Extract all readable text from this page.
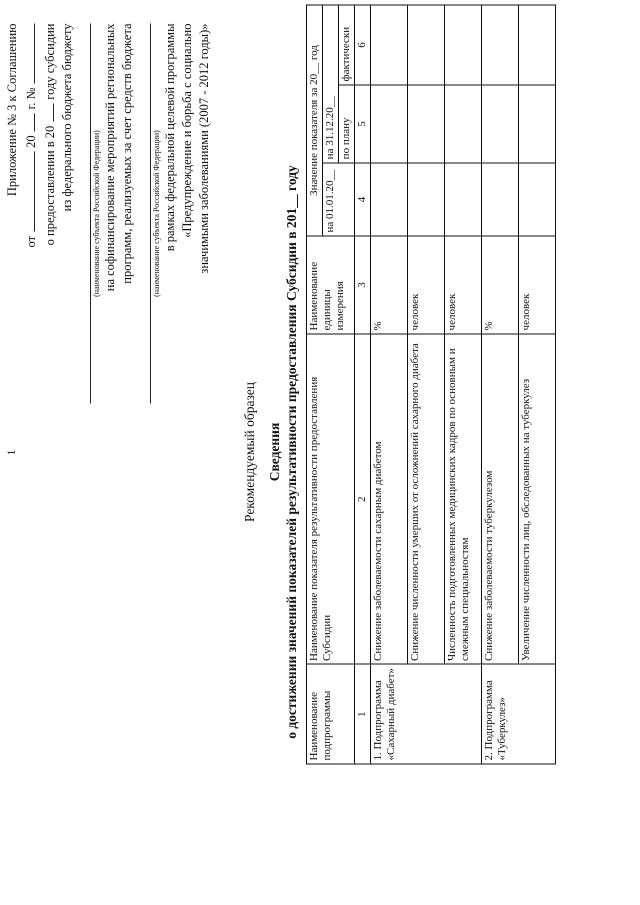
1
Приложение № 3 к Соглашению
от
20
г. №
о предоставлении в 20
году субсидии из федерального бюджета бюджету
(наименование субъекта Российской Федерации) на софинансирование мероприятий региональных программ, реализуемых за счет средств бюджета (наименование субъекта Российской Федерации) в рамках федеральной целевой программы «Предупреждение и борьба с социально значимыми заболеваниями (2007 - 2012 годы)»
Рекомендуемый образец Сведения о достижении значений показателей результативности предоставления Субсидии в 201__ году Наименование подпрограммы	Наименование показателя результативности предоставления Субсидии	Наименование единицы измерения	Значение показателя за 20__ год		
			на 01.01.20__	на 31.12.20__	
				по плану	фактически
1	2	3	4	5	6
1. Подпрограмма «Сахарный диабет»	Снижение заболеваемости сахарным диабетом	%			
	Снижение численности умерших от осложнений сахарного диабета	человек			
	Численность подготовленных медицинских кадров по основным и смежным специальностям	человек			
2. Подпрограмма «Туберкулез»	Снижение заболеваемости туберкулезом	%			
	Увеличение численности лиц, обследованных на туберкулез	человек			
